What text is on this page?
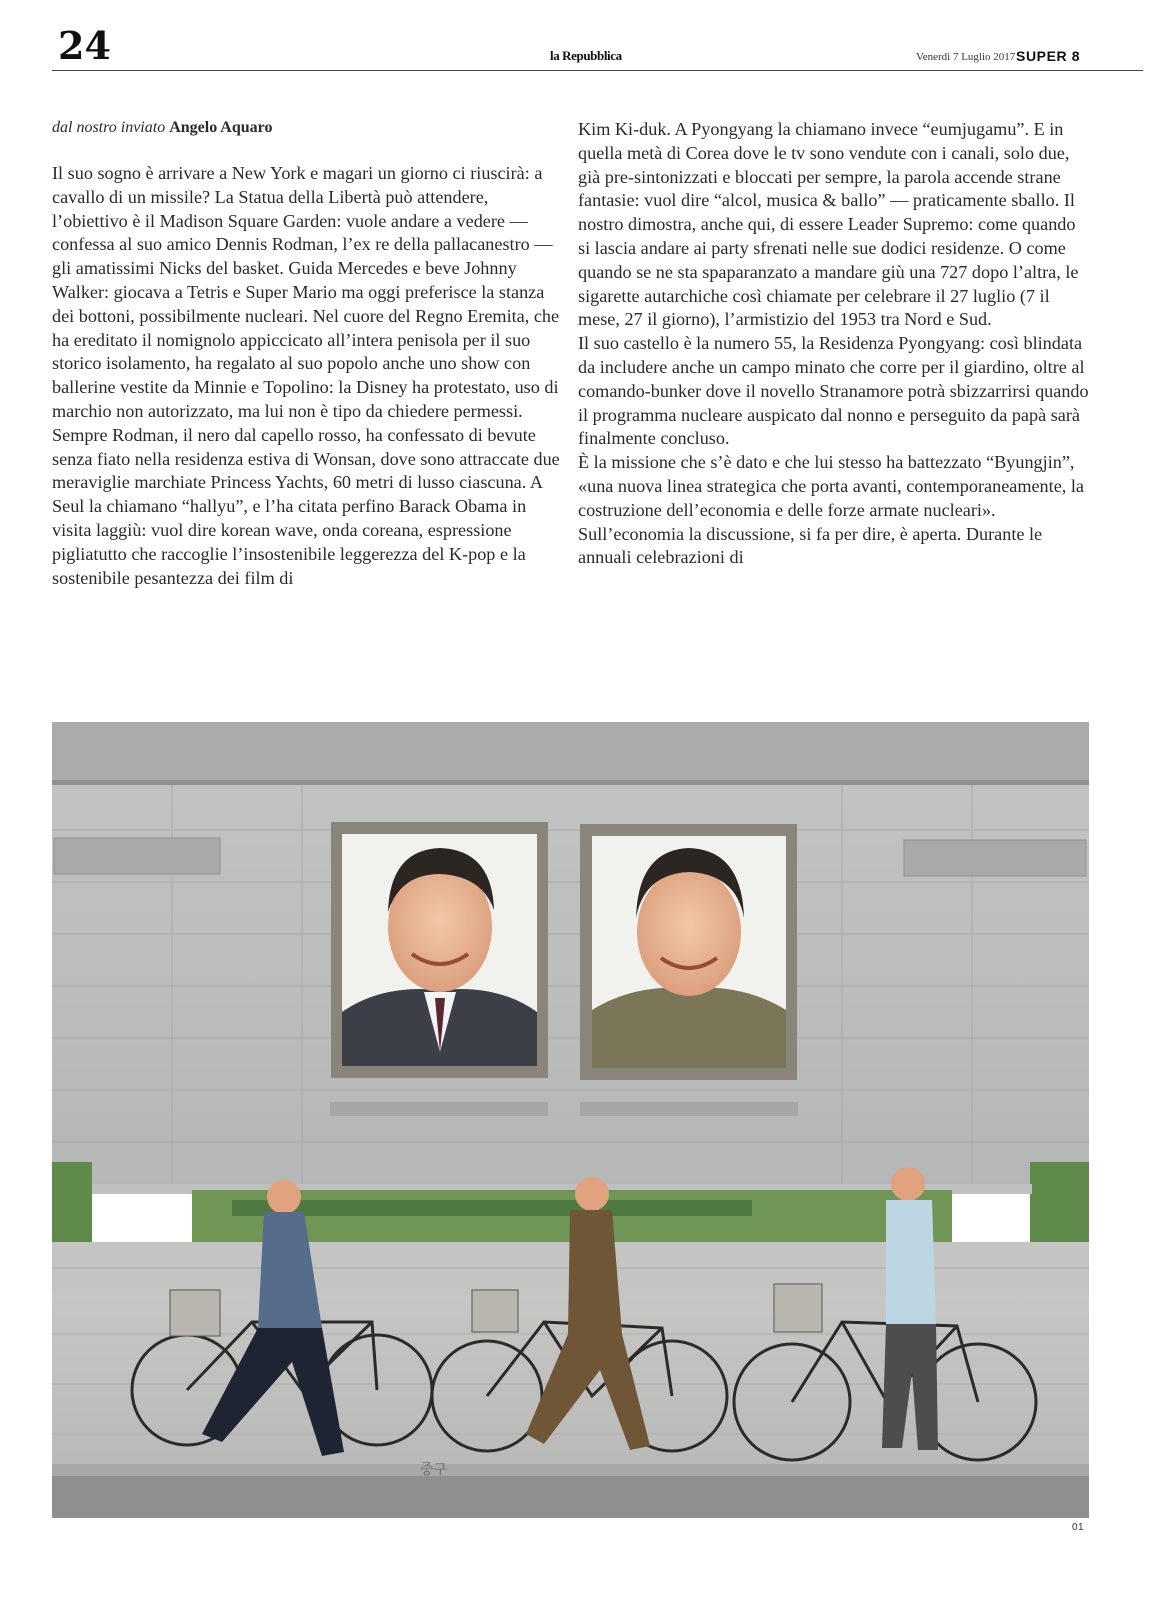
24	la Repubblica	Venerdì 7 Luglio 2017 SUPER 8

dal nostro inviato Angelo Aquaro

Il suo sogno è arrivare a New York e magari un giorno ci riuscirà: a cavallo di un missile? La Statua della Libertà può attendere, l’obiettivo è il Madison Square Garden: vuole andare a vedere — confessa al suo amico Dennis Rodman, l’ex re della pallacanestro — gli amatissimi Nicks del basket. Guida Mercedes e beve Johnny Walker: giocava a Tetris e Super Mario ma oggi preferisce la stanza dei bottoni, possibilmente nucleari. Nel cuore del Regno Eremita, che ha ereditato il nomignolo appiccicato all’intera penisola per il suo storico isolamento, ha regalato al suo popolo anche uno show con ballerine vestite da Minnie e Topolino: la Disney ha protestato, uso di marchio non autorizzato, ma lui non è tipo da chiedere permessi. Sempre Rodman, il nero dal capello rosso, ha confessato di bevute senza fiato nella residenza estiva di Wonsan, dove sono attraccate due meraviglie marchiate Princess Yachts, 60 metri di lusso ciascuna. A Seul la chiamano “hallyu”, e l’ha citata perfino Barack Obama in visita laggiù: vuol dire korean wave, onda coreana, espressione pigliatutto che raccoglie l’insostenibile leggerezza del K-pop e la sostenibile pesantezza dei film di

Kim Ki-duk. A Pyongyang la chiamano invece “eumjugamu”. E in quella metà di Corea dove le tv sono vendute con i canali, solo due, già pre-sintonizzati e bloccati per sempre, la parola accende strane fantasie: vuol dire “alcol, musica & ballo” — praticamente sballo. Il nostro dimostra, anche qui, di essere Leader Supremo: come quando si lascia andare ai party sfrenati nelle sue dodici residenze. O come quando se ne sta spaparanzato a mandare giù una 727 dopo l’altra, le sigarette autarchiche così chiamate per celebrare il 27 luglio (7 il mese, 27 il giorno), l’armistizio del 1953 tra Nord e Sud.

Il suo castello è la numero 55, la Residenza Pyongyang: così blindata da includere anche un campo minato che corre per il giardino, oltre al comando-bunker dove il novello Stranamore potrà sbizzarrirsi quando il programma nucleare auspicato dal nonno e perseguito da papà sarà finalmente concluso.

È la missione che s’è dato e che lui stesso ha battezzato “Byungjin”, «una nuova linea strategica che porta avanti, contemporaneamente, la costruzione dell’economia e delle forze armate nucleari». Sull’economia la discussione, si fa per dire, è aperta. Durante le annuali celebrazioni di

중구
01
